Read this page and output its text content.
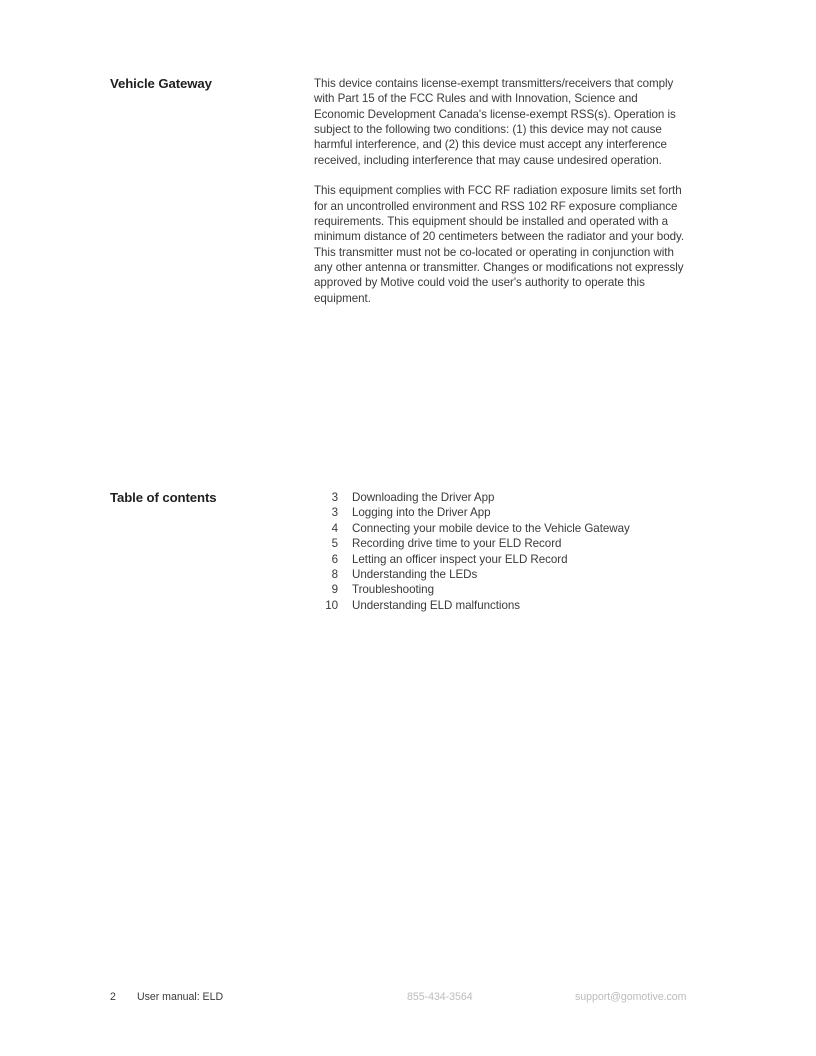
Vehicle Gateway	This device contains license-exempt transmitters/receivers that comply with Part 15 of the FCC Rules and with Innovation, Science and Economic Development Canada's license-exempt RSS(s). Operation is subject to the following two conditions: (1) this device may not cause harmful interference, and (2) this device must accept any interference received, including interference that may cause undesired operation.

This equipment complies with FCC RF radiation exposure limits set forth for an uncontrolled environment and RSS 102 RF exposure compliance requirements. This equipment should be installed and operated with a minimum distance of 20 centimeters between the radiator and your body. This transmitter must not be co-located or operating in conjunction with any other antenna or transmitter. Changes or modifications not expressly approved by Motive could void the user's authority to operate this equipment.

Table of contents	3 Downloading the Driver App
3 Logging into the Driver App
4 Connecting your mobile device to the Vehicle Gateway
5 Recording drive time to your ELD Record
6 Letting an officer inspect your ELD Record
8 Understanding the LEDs
9 Troubleshooting
10 Understanding ELD malfunctions
2 User manual: ELD	855-434-3564	support@gomotive.com
